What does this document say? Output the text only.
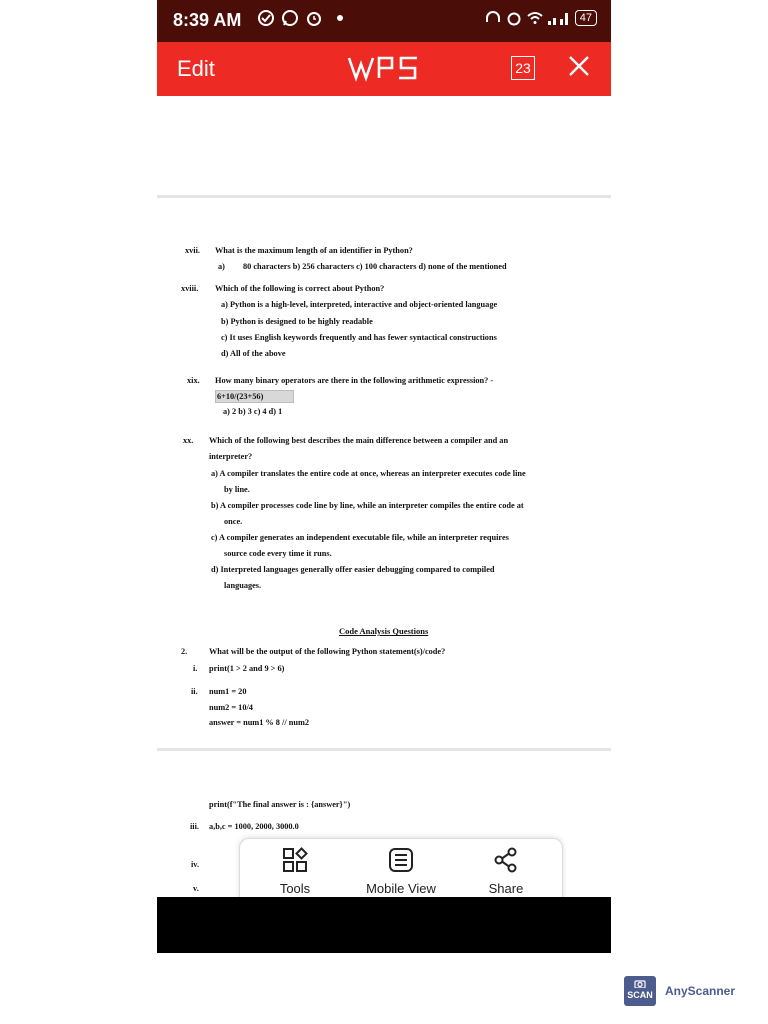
8:39 AM	47
Edit	23
xvii. What is the maximum length of an identifier in Python?
a) 80 characters b) 256 characters c) 100 characters d) none of the mentioned
xviii. Which of the following is correct about Python?
a) Python is a high-level, interpreted, interactive and object-oriented language
b) Python is designed to be highly readable
c) It uses English keywords frequently and has fewer syntactical constructions
d) All of the above
xix. How many binary operators are there in the following arithmetic expression? -
6+10/(23+56)
a) 2 b) 3 c) 4 d) 1
xx. Which of the following best describes the main difference between a compiler and an
interpreter?
a) A compiler translates the entire code at once, whereas an interpreter executes code line
by line.
b) A compiler processes code line by line, while an interpreter compiles the entire code at
once.
c) A compiler generates an independent executable file, while an interpreter requires
source code every time it runs.
d) Interpreted languages generally offer easier debugging compared to compiled
languages.
Code Analysis Questions
2.	What will be the output of the following Python statement(s)/code?
i. print(1 > 2 and 9 > 6)
ii. num1 = 20
num2 = 10/4
answer = num1 % 8 // num2
print(f"The final answer is : {answer}")
iii. a,b,c = 1000, 2000, 3000.0
iv.
v.	Tools	Mobile View	Share

SCAN AnyScanner
